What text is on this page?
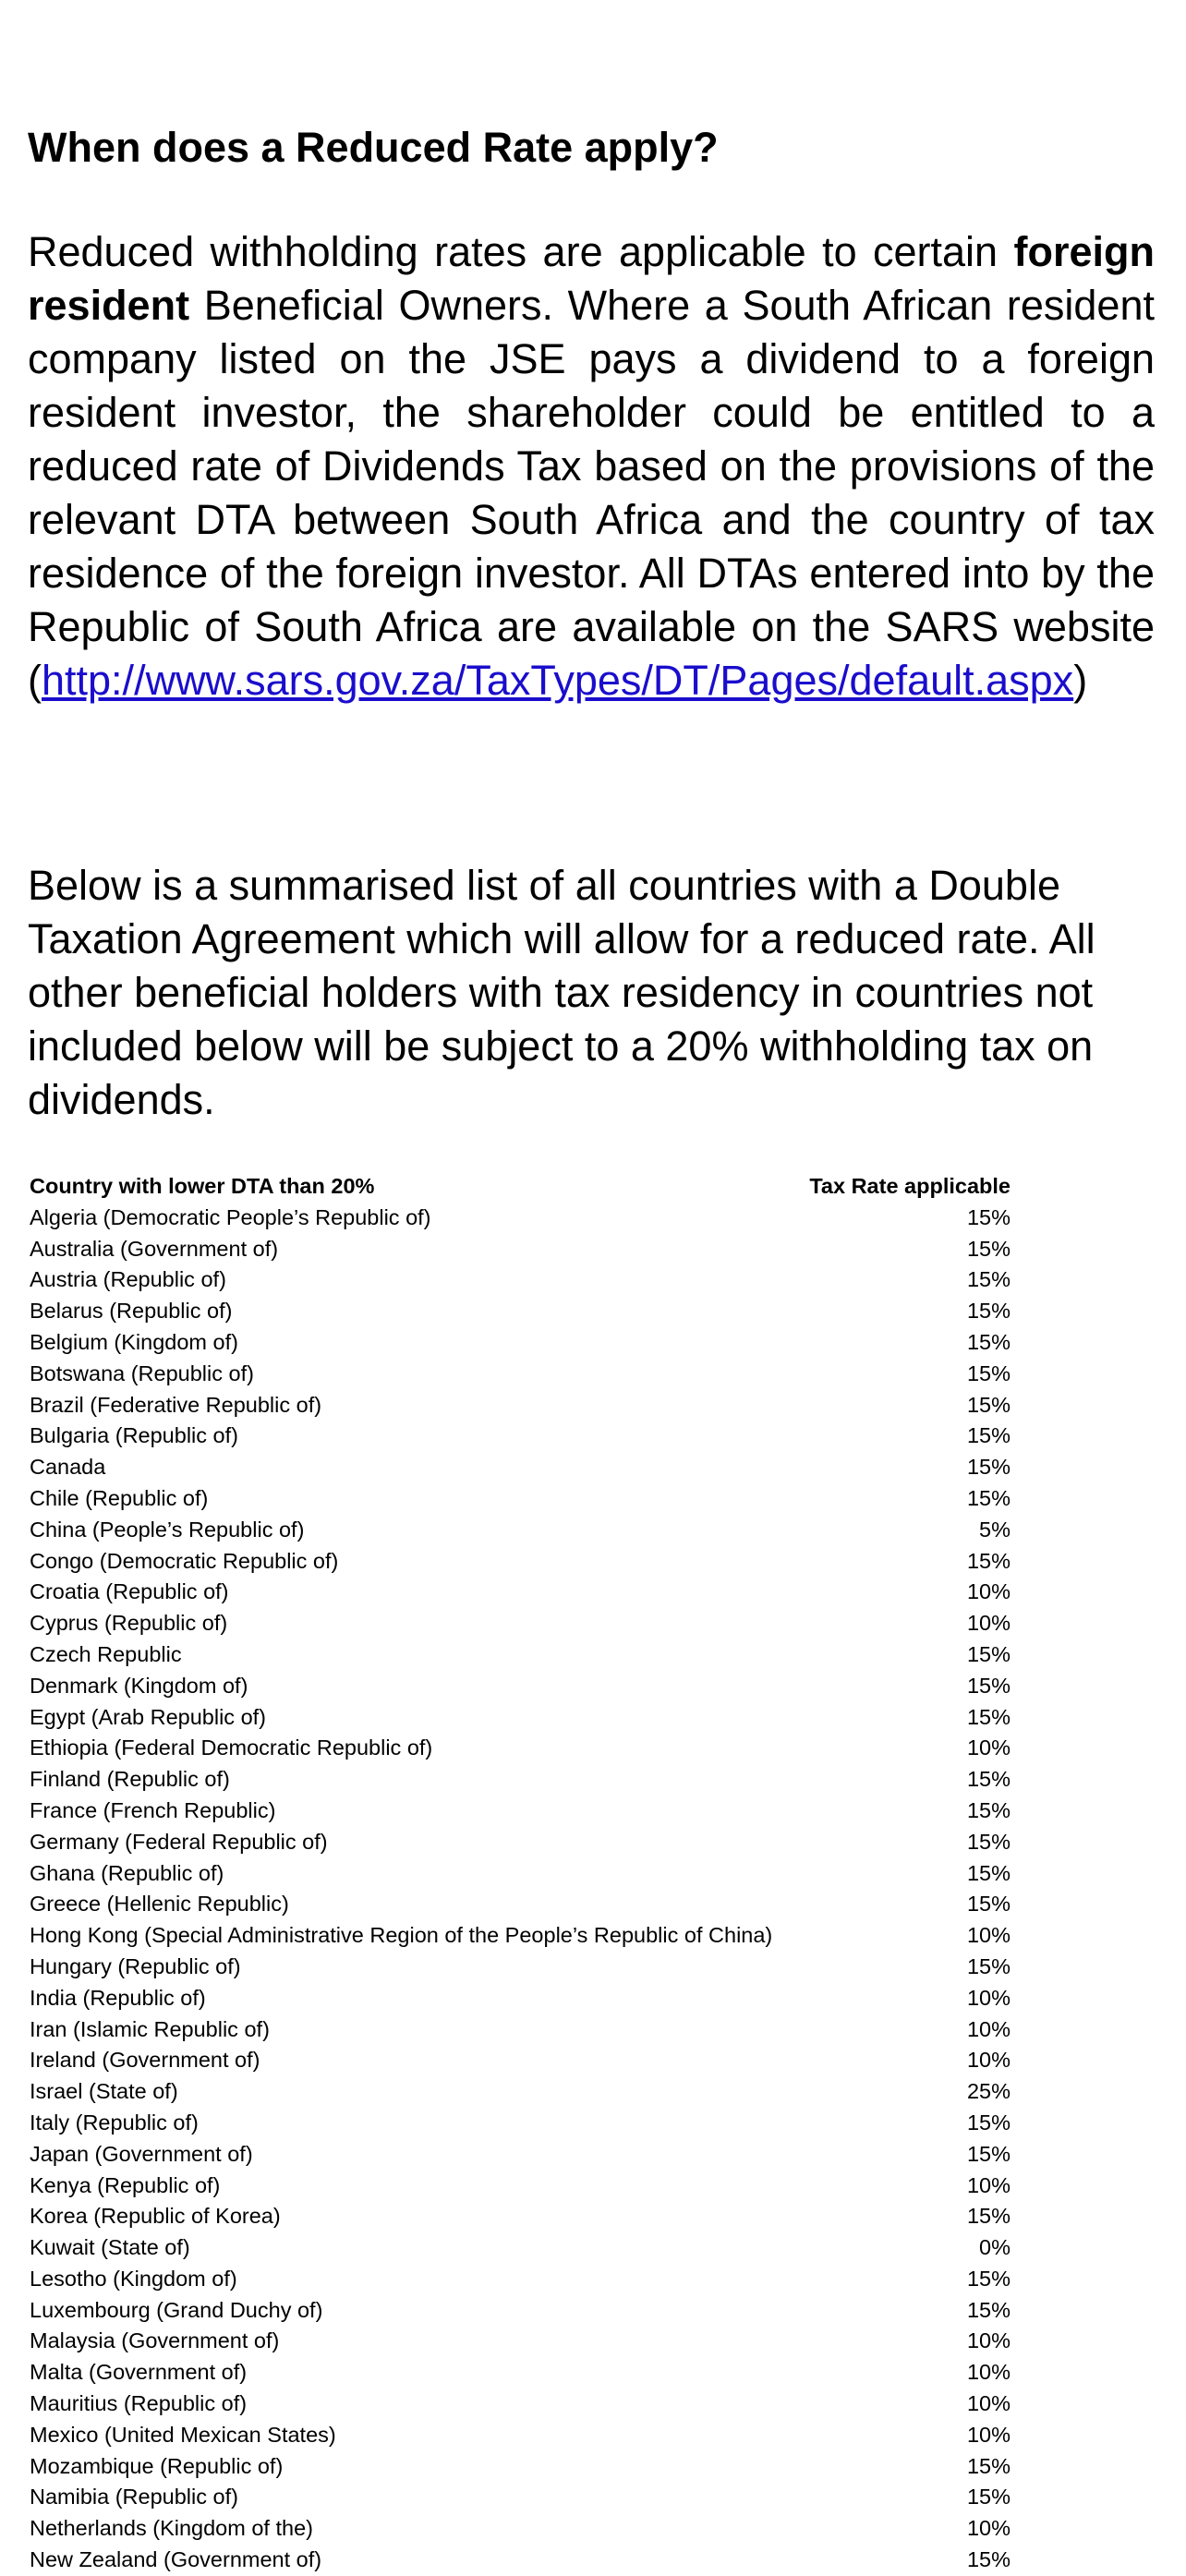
When does a Reduced Rate apply?

Reduced withholding rates are applicable to certain foreign resident Beneficial Owners. Where a South African resident company listed on the JSE pays a dividend to a foreign resident investor, the shareholder could be entitled to a reduced rate of Dividends Tax based on the provisions of the relevant DTA between South Africa and the country of tax residence of the foreign investor. All DTAs entered into by the Republic of South Africa are available on the SARS website (http://www.sars.gov.za/TaxTypes/DT/Pages/default.aspx)

Below is a summarised list of all countries with a Double Taxation Agreement which will allow for a reduced rate. All other beneficial holders with tax residency in countries not included below will be subject to a 20% withholding tax on dividends.

Country with lower DTA than 20%	Tax Rate applicable
Algeria (Democratic People’s Republic of)	15%
Australia (Government of)	15%
Austria (Republic of)	15%
Belarus (Republic of)	15%
Belgium (Kingdom of)	15%
Botswana (Republic of)	15%
Brazil (Federative Republic of)	15%
Bulgaria (Republic of)	15%
Canada	15%
Chile (Republic of)	15%
China (People’s Republic of)	5%
Congo (Democratic Republic of)	15%
Croatia (Republic of)	10%
Cyprus (Republic of)	10%
Czech Republic	15%
Denmark (Kingdom of)	15%
Egypt (Arab Republic of)	15%
Ethiopia (Federal Democratic Republic of)	10%
Finland (Republic of)	15%
France (French Republic)	15%
Germany (Federal Republic of)	15%
Ghana (Republic of)	15%
Greece (Hellenic Republic)	15%
Hong Kong (Special Administrative Region of the People’s Republic of China)	10%
Hungary (Republic of)	15%
India (Republic of)	10%
Iran (Islamic Republic of)	10%
Ireland (Government of)	10%
Israel (State of)	25%
Italy (Republic of)	15%
Japan (Government of)	15%
Kenya (Republic of)	10%
Korea (Republic of Korea)	15%
Kuwait (State of)	0%
Lesotho (Kingdom of)	15%
Luxembourg (Grand Duchy of)	15%
Malaysia (Government of)	10%
Malta (Government of)	10%
Mauritius (Republic of)	10%
Mexico (United Mexican States)	10%
Mozambique (Republic of)	15%
Namibia (Republic of)	15%
Netherlands (Kingdom of the)	10%
New Zealand (Government of)	15%
